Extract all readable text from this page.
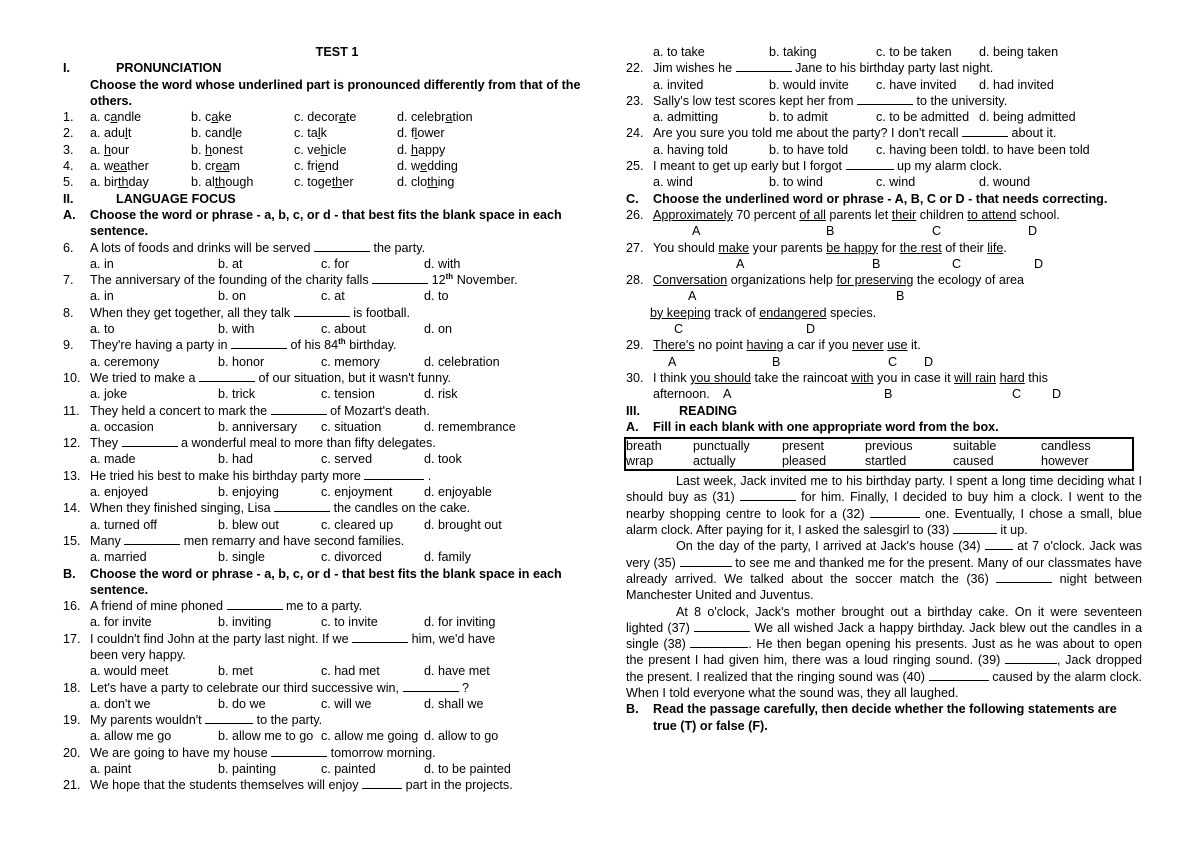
TEST 1
I.	PRONUNCIATION
Choose the word whose underlined part is pronounced differently from that of the others.
1.	a. candle	b. cake	c. decorate	d. celebration
2.	a. adult	b. candle	c. talk	d. flower
3.	a. hour	b. honest	c. vehicle	d. happy
4.	a. weather	b. cream	c. friend	d. wedding
5.	a. birthday	b. although	c. together	d. clothing
II.	LANGUAGE FOCUS
A.	Choose the word or phrase - a, b, c, or d - that best fits the blank space in each sentence.
6.	A lots of foods and drinks will be served	the party.
a. in	b. at	c. for	d. with
7.	The anniversary of the founding of the charity falls	12th November.
a. in	b. on	c. at	d. to
8.	When they get together, all they talk	is football.
a. to	b. with	c. about	d. on
9.	They're having a party in	of his 84th birthday.
a. ceremony	b. honor	c. memory	d. celebration
10. We tried to make a	of our situation, but it wasn't funny.
a. joke	b. trick	c. tension	d. risk
11. They held a concert to mark the	of Mozart's death.
a. occasion	b. anniversary	c. situation	d. remembrance
12. They	a wonderful meal to more than fifty delegates.
a. made	b. had	c. served	d. took
13. He tried his best to make his birthday party more	.
a. enjoyed	b. enjoying	c. enjoyment	d. enjoyable
14. When they finished singing, Lisa	the candles on the cake.
a. turned off	b. blew out	c. cleared up	d. brought out
15. Many	men remarry and have second families.
a. married	b. single	c. divorced	d. family
B.	Choose the word or phrase - a, b, c, or d - that best fits the blank space in each sentence.
16. A friend of mine phoned	me to a party.
a. for invite	b. inviting	c. to invite	d. for inviting
17. I couldn't find John at the party last night. If we	him, we'd have
been very happy.
a. would meet	b. met	c. had met	d. have met
18. Let's have a party to celebrate our third successive win,	?
a. don't we	b. do we	c. will we	d. shall we
19. My parents wouldn't	to the party.
a. allow me go	b. allow me to go c. allow me going d. allow to go
20. We are going to have my house	tomorrow morning.
a. paint	b. painting	c. painted	d. to be painted
21. We hope that the students themselves will enjoy	part in the projects.
a. to take	b. taking	c. to be taken	d. being taken
22. Jim wishes he	Jane to his birthday party last night.
a. invited	b. would invite	c. have invited	d. had invited
23. Sally's low test scores kept her from	to the university.
a. admitting	b. to admit	c. to be admitted d. being admitted
24. Are you sure you told me about the party? I don't recall	about it.
a. having told	b. to have told	c. having been told
d. to have been told
25. I meant to get up early but I forgot	up my alarm clock.
a. wind	b. to wind	c. wind	d. wound
C.	Choose the underlined word or phrase - A, B, C or D - that needs correcting.
26. Approximately 70 percent of all parents let their children to attend school.
A	B	C	D
27. You should make your parents be happy for the rest of their life.
A	B	C	D
28. Conversation organizations help for preserving the ecology of area
A	B
by keeping track of endangered species.
C	D
29. There's no point having a car if you never use it.
A	B	C D
30. I think you should take the raincoat with you in case it will rain hard this
afternoon. A	B	C D
III.	READING
A.	Fill in each blank with one appropriate word from the box.
breath	punctually	present	previous	suitable	candless
wrap	actually	pleased	startled	caused	however
Last week, Jack invited me to his birthday party. I spent a long time deciding what I should buy as (31)	for him. Finally, I decided to buy him a clock. I went to the nearby shopping centre to look for a (32)	one. Eventually, I chose a small, blue alarm clock. After paying for it, I asked the salesgirl to (33)	it up.
On the day of the party, I arrived at Jack's house (34)	at 7 o'clock. Jack was very (35)	to see me and thanked me for the present. Many of our classmates have already arrived. We talked about the soccer match the (36)	night between Manchester United and Juventus.
At 8 o'clock, Jack's mother brought out a birthday cake. On it were seventeen lighted (37)	We all wished Jack a happy birthday. Jack blew out the candles in a single (38)	. He then began opening his presents. Just as he was about to open the present I had given him, there was a loud ringing sound. (39)	, Jack dropped the present. I realized that the ringing sound was (40)	caused by the alarm clock. When I told everyone what the sound was, they all laughed.
B.	Read the passage carefully, then decide whether the following statements are true (T) or false (F).
